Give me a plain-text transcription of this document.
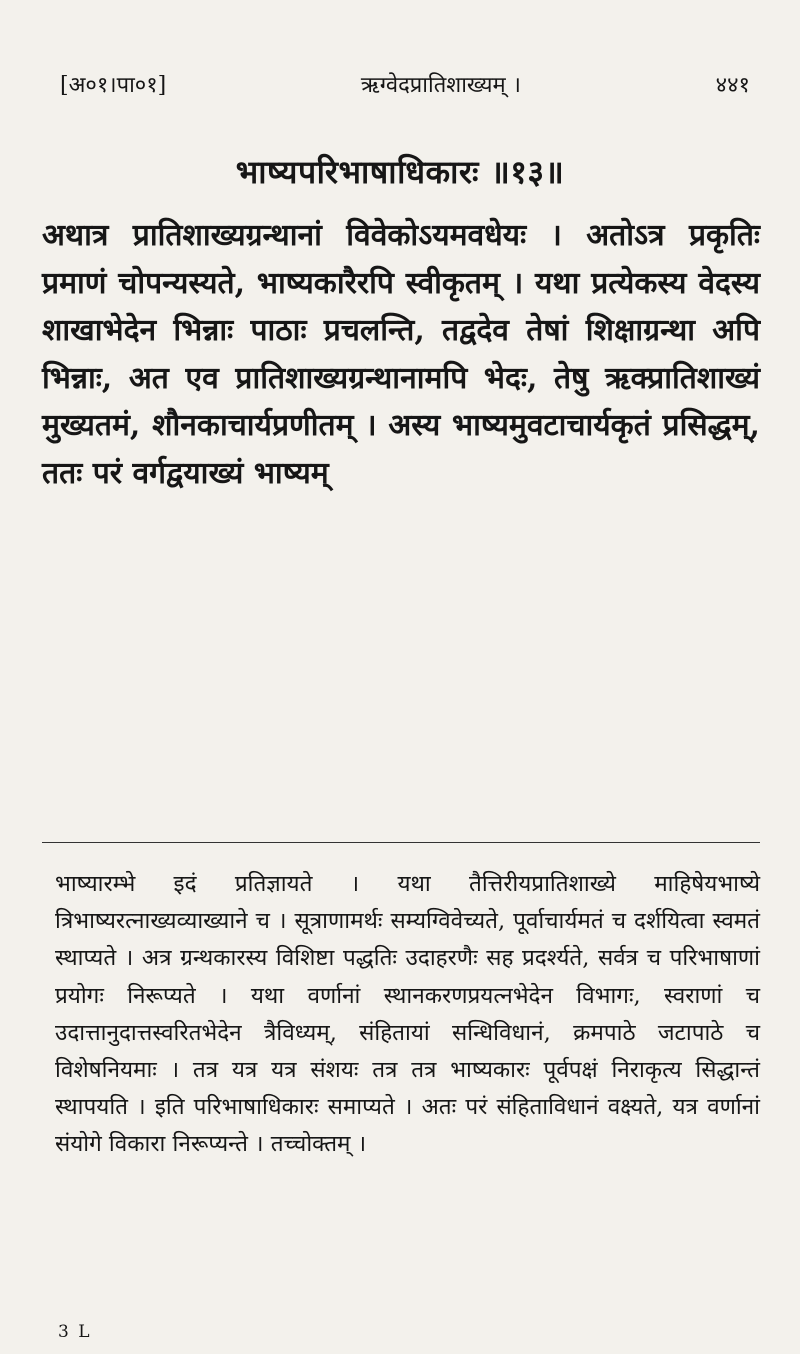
[अ०१।पा०१]	ऋग्वेदप्रातिशाख्यम् ।	४४१
भाष्यपरिभाषाधिकारः ॥१३॥

अथात्र प्रातिशाख्यग्रन्थानां विवेकोऽयमवधेयः । अतोऽत्र प्रकृतिः प्रमाणं चोपन्यस्यते, भाष्यकारैरपि स्वीकृतम् । यथा प्रत्येकस्य वेदस्य शाखाभेदेन भिन्नाः पाठाः प्रचलन्ति, तद्वदेव तेषां शिक्षाग्रन्था अपि भिन्नाः, अत एव प्रातिशाख्यग्रन्थानामपि भेदः, तेषु ऋक्प्रातिशाख्यं मुख्यतमं, शौनकाचार्यप्रणीतम् । अस्य भाष्यमुवटाचार्यकृतं प्रसिद्धम्, ततः परं वर्गद्वयाख्यं भाष्यम्

भाष्यारम्भे इदं प्रतिज्ञायते । यथा तैत्तिरीयप्रातिशाख्ये माहिषेयभाष्ये त्रिभाष्यरत्नाख्यव्याख्याने च । सूत्राणामर्थः सम्यग्विवेच्यते, पूर्वाचार्यमतं च दर्शयित्वा स्वमतं स्थाप्यते । अत्र ग्रन्थकारस्य विशिष्टा पद्धतिः उदाहरणैः सह प्रदर्श्यते, सर्वत्र च परिभाषाणां प्रयोगः निरूप्यते । यथा वर्णानां स्थानकरणप्रयत्नभेदेन विभागः, स्वराणां च उदात्तानुदात्तस्वरितभेदेन त्रैविध्यम्, संहितायां सन्धिविधानं, क्रमपाठे जटापाठे च विशेषनियमाः । तत्र यत्र यत्र संशयः तत्र तत्र भाष्यकारः पूर्वपक्षं निराकृत्य सिद्धान्तं स्थापयति । इति परिभाषाधिकारः समाप्यते । अतः परं संहिताविधानं वक्ष्यते, यत्र वर्णानां संयोगे विकारा निरूप्यन्ते । तच्चोक्तम् ।

3 L
